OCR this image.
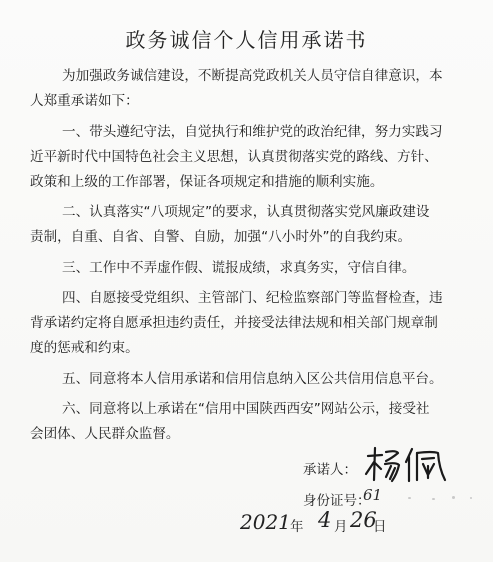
政务诚信个人信用承诺书
为加强政务诚信建设，不断提高党政机关人员守信自律意识，本
人郑重承诺如下：
一、带头遵纪守法，自觉执行和维护党的政治纪律，努力实践习
近平新时代中国特色社会主义思想，认真贯彻落实党的路线、方针、
政策和上级的工作部署，保证各项规定和措施的顺利实施。
二、认真落实“八项规定”的要求，认真贯彻落实党风廉政建设
责制，自重、自省、自警、自励，加强“八小时外”的自我约束。
三、工作中不弄虚作假、谎报成绩，求真务实，守信自律。
四、自愿接受党组织、主管部门、纪检监察部门等监督检查，违
背承诺约定将自愿承担违约责任，并接受法律法规和相关部门规章制
度的惩戒和约束。
五、同意将本人信用承诺和信用信息纳入区公共信用信息平台。
六、同意将以上承诺在“信用中国陕西西安”网站公示，接受社
会团体、人民群众监督。
承诺人：
身份证号：
61
2021 年 4 月 26
日
